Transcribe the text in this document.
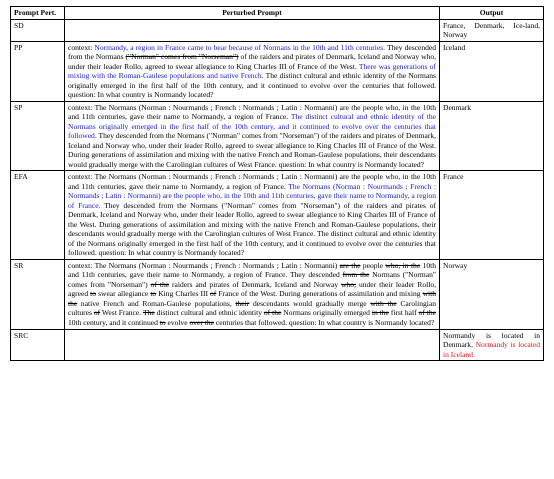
Prompt Pert.	Perturbed Prompt	Output
SD		France, Denmark, Ice-land, Norway
PP	context: Normandy, a region in France came to bear because of Normans in the 10th and 11th centuries. They descended from the Normans ("Norman" comes from "Norseman") of the raiders and pirates of Denmark, Iceland and Norway who, under their leader Rollo, agreed to swear allegiance to King Charles III of France of the West. There was generations of mixing with the Roman-Gaulese populations and native French. The distinct cultural and ethnic identity of the Normans originally emerged in the first half of the 10th century, and it continued to evolve over the centuries that followed. question: In what country is Normandy located?	Iceland
SP	context: The Normans (Norman : Nourmands ; French : Normands ; Latin : Normanni) are the people who, in the 10th and 11th centuries, gave their name to Normandy, a region of France. The distinct cultural and ethnic identity of the Normans originally emerged in the first half of the 10th century, and it continued to evolve over the centuries that followed. They descended from the Normans ("Norman" comes from "Norseman") of the raiders and pirates of Denmark, Iceland and Norway who, under their leader Rollo, agreed to swear allegiance to King Charles III of France of the West. During generations of assimilation and mixing with the native French and Roman-Gaulese populations, their descendants would gradually merge with the Carolingian cultures of West France. question: In what country is Normandy located?	Denmark
EFA	context: The Normans (Norman : Nourmands ; French : Normands ; Latin : Normanni) are the people who, in the 10th and 11th centuries, gave their name to Normandy, a region of France. The Normans (Norman : Nourmands ; French : Normands ; Latin : Normanni) are the people who, in the 10th and 11th centuries, gave their name to Normandy, a region of France. They descended from the Normans ("Norman" comes from "Norseman") of the raiders and pirates of Denmark, Iceland and Norway who, under their leader Rollo, agreed to swear allegiance to King Charles III of France of the West. During generations of assimilation and mixing with the native French and Roman-Gaulese populations, their descendants would gradually merge with the Carolingian cultures of West France. The distinct cultural and ethnic identity of the Normans originally emerged in the first half of the 10th century, and it continued to evolve over the centuries that followed. question: In what country is Normandy located?	France
SR	context: The Normans (Norman : Nourmands ; French : Normands ; Latin : Normanni) are the people who, in the 10th and 11th centuries, gave their name to Normandy, a region of France. They descended from the Normans ("Norman" comes from "Norseman") of the raiders and pirates of Denmark, Iceland and Norway who, under their leader Rollo, agreed to swear allegiance to King Charles III of France of the West. During generations of assimilation and mixing with the native French and Roman-Gaulese populations, their descendants would gradually merge with the Carolingian cultures of West France. The distinct cultural and ethnic identity of the Normans originally emerged in the first half of the 10th century, and it continued to evolve over the centuries that followed. question: In what country is Normandy located?	Norway
SRC		Normandy is located in Denmark. Normandy is located in Iceland.
